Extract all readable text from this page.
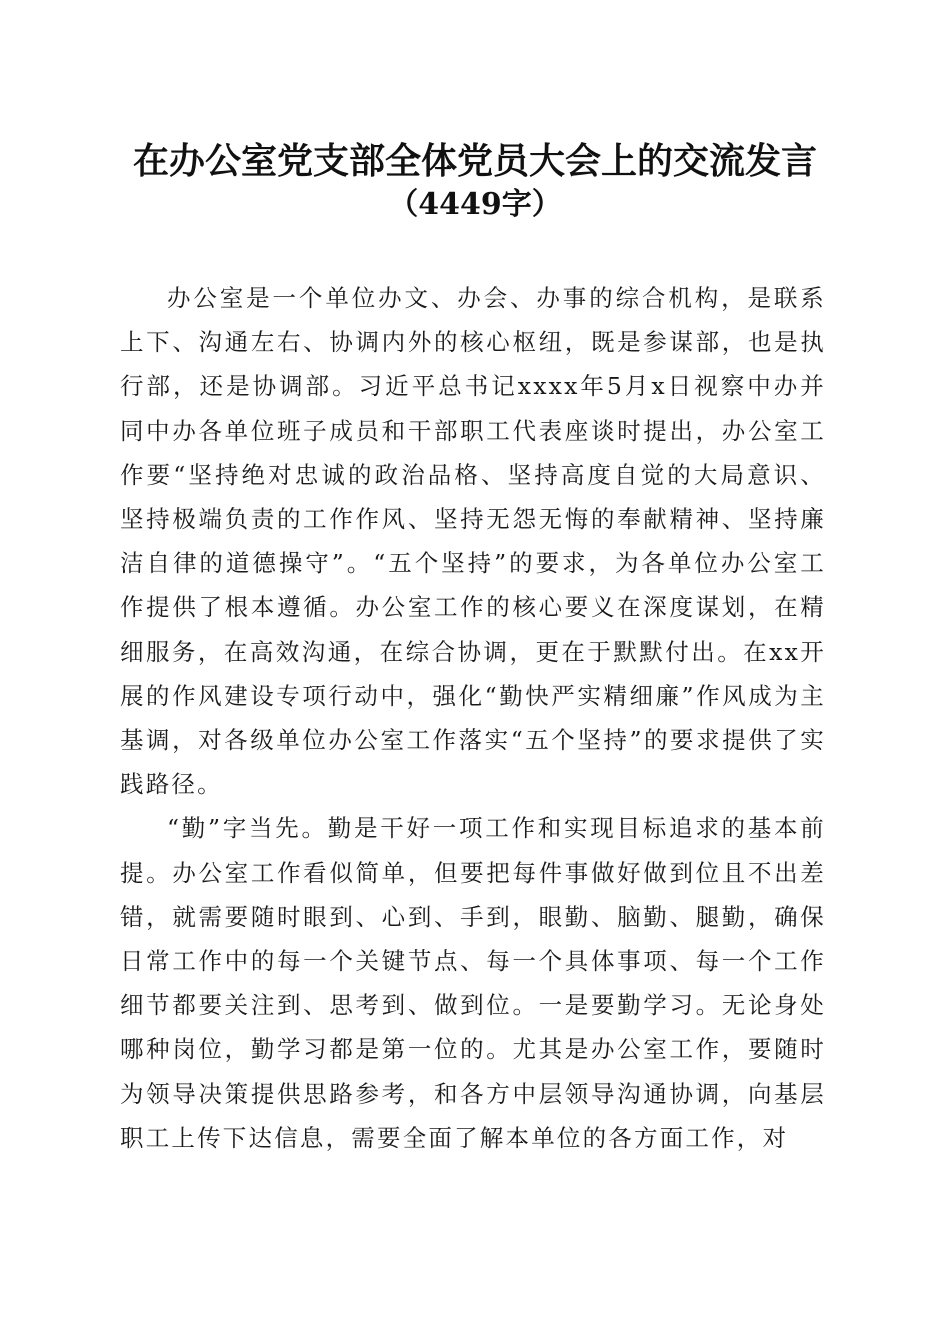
在办公室党支部全体党员大会上的交流发言
（4449字）

办公室是一个单位办文、办会、办事的综合机构，是联系上下、沟通左右、协调内外的核心枢纽，既是参谋部，也是执行部，还是协调部。习近平总书记xxxx年5月x日视察中办并同中办各单位班子成员和干部职工代表座谈时提出，办公室工作要“坚持绝对忠诚的政治品格、坚持高度自觉的大局意识、坚持极端负责的工作作风、坚持无怨无悔的奉献精神、坚持廉洁自律的道德操守”。“五个坚持”的要求，为各单位办公室工作提供了根本遵循。办公室工作的核心要义在深度谋划，在精细服务，在高效沟通，在综合协调，更在于默默付出。在xx开展的作风建设专项行动中，强化“勤快严实精细廉”作风成为主基调，对各级单位办公室工作落实“五个坚持”的要求提供了实践路径。

“勤”字当先。勤是干好一项工作和实现目标追求的基本前提。办公室工作看似简单，但要把每件事做好做到位且不出差错，就需要随时眼到、心到、手到，眼勤、脑勤、腿勤，确保日常工作中的每一个关键节点、每一个具体事项、每一个工作细节都要关注到、思考到、做到位。一是要勤学习。无论身处哪种岗位，勤学习都是第一位的。尤其是办公室工作，要随时为领导决策提供思路参考，和各方中层领导沟通协调，向基层职工上传下达信息，需要全面了解本单位的各方面工作，对
